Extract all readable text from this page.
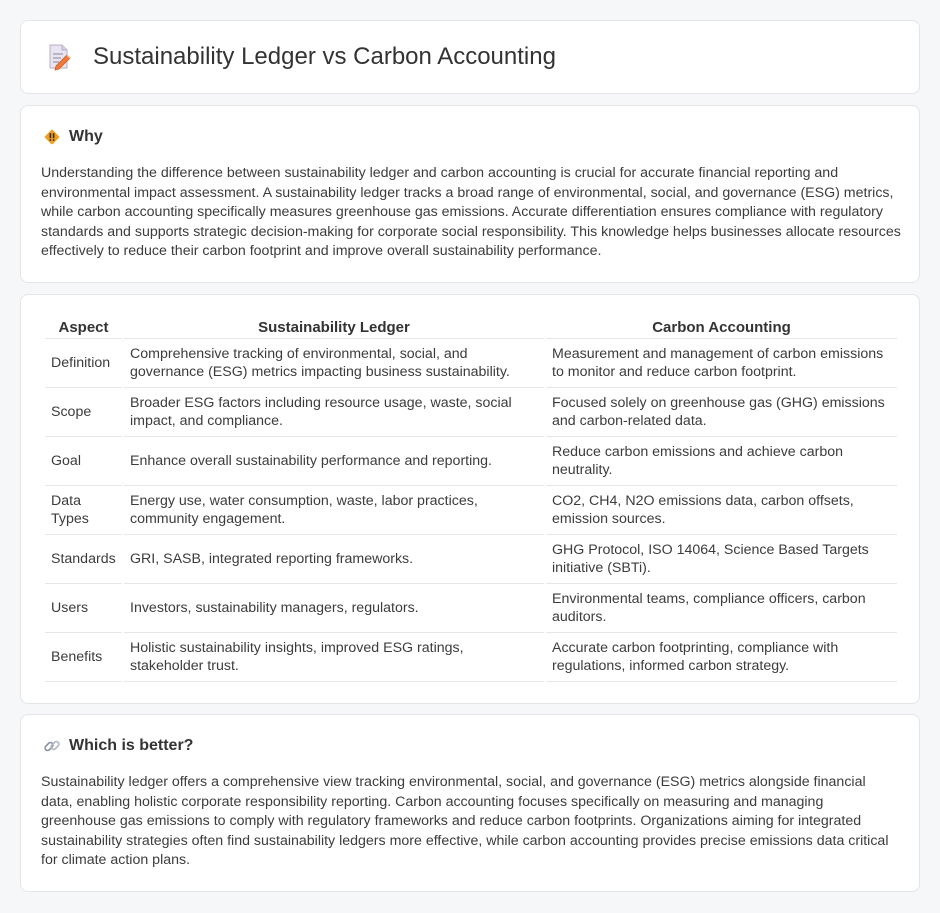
Sustainability Ledger vs Carbon Accounting
Why

Understanding the difference between sustainability ledger and carbon accounting is crucial for accurate financial reporting and environmental impact assessment. A sustainability ledger tracks a broad range of environmental, social, and governance (ESG) metrics, while carbon accounting specifically measures greenhouse gas emissions. Accurate differentiation ensures compliance with regulatory standards and supports strategic decision-making for corporate social responsibility. This knowledge helps businesses allocate resources effectively to reduce their carbon footprint and improve overall sustainability performance.

Aspect	Sustainability Ledger	Carbon Accounting
Definition	Comprehensive tracking of environmental, social, and governance (ESG) metrics impacting business sustainability.	Measurement and management of carbon emissions to monitor and reduce carbon footprint.
Scope	Broader ESG factors including resource usage, waste, social impact, and compliance.	Focused solely on greenhouse gas (GHG) emissions and carbon-related data.
Goal	Enhance overall sustainability performance and reporting.	Reduce carbon emissions and achieve carbon neutrality.
Data Types	Energy use, water consumption, waste, labor practices, community engagement.	CO2, CH4, N2O emissions data, carbon offsets, emission sources.
Standards	GRI, SASB, integrated reporting frameworks.	GHG Protocol, ISO 14064, Science Based Targets initiative (SBTi).
Users	Investors, sustainability managers, regulators.	Environmental teams, compliance officers, carbon auditors.
Benefits	Holistic sustainability insights, improved ESG ratings, stakeholder trust.	Accurate carbon footprinting, compliance with regulations, informed carbon strategy.
Which is better?

Sustainability ledger offers a comprehensive view tracking environmental, social, and governance (ESG) metrics alongside financial data, enabling holistic corporate responsibility reporting. Carbon accounting focuses specifically on measuring and managing greenhouse gas emissions to comply with regulatory frameworks and reduce carbon footprints. Organizations aiming for integrated sustainability strategies often find sustainability ledgers more effective, while carbon accounting provides precise emissions data critical for climate action plans.
